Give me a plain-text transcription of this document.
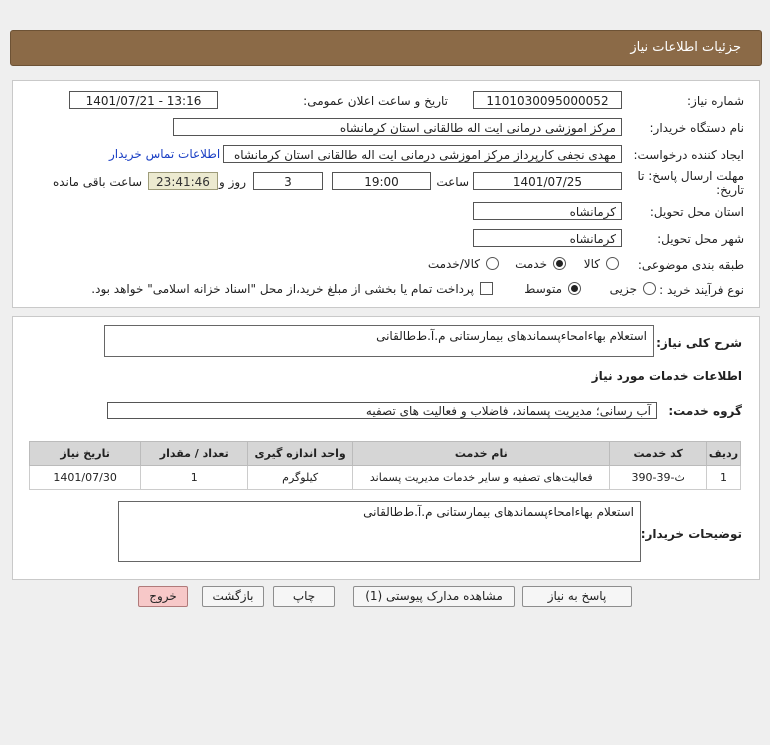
جزئیات اطلاعات نیاز
شماره نیاز:
1101030095000052
تاریخ و ساعت اعلان عمومی:
1401/07/21 - 13:16
نام دستگاه خریدار:
مرکز اموزشی درمانی ایت اله طالقانی استان کرمانشاه
ایجاد کننده درخواست:
مهدی نجفی کارپرداز مرکز اموزشی درمانی ایت اله طالقانی استان کرمانشاه
اطلاعات تماس خریدار
مهلت ارسال پاسخ: تا
تاریخ:
1401/07/25
ساعت
19:00
3
روز و
23:41:46
ساعت باقی مانده
استان محل تحویل:
کرمانشاه
شهر محل تحویل:
کرمانشاه
طبقه بندی موضوعی:
کالا
خدمت
کالا/خدمت
نوع فرآیند خرید :
جزیی
متوسط
پرداخت تمام یا بخشی از مبلغ خرید،از محل "اسناد خزانه اسلامی" خواهد بود.
شرح کلی نیاز:
استعلام بهاءامحاءپسماندهای بیمارستانی م.آ.ط‌طالقانی
اطلاعات خدمات مورد نیاز
گروه خدمت:
آب رسانی؛ مدیریت پسماند، فاضلاب و فعالیت های تصفیه
ردیف	کد خدمت	نام خدمت	واحد اندازه گیری	تعداد / مقدار	تاریخ نیاز
1	ث-39-390	فعالیت‌های تصفیه و سایر خدمات مدیریت پسماند	کیلوگرم	1	1401/07/30
توضیحات خریدار:
استعلام بهاءامحاءپسماندهای بیمارستانی م.آ.ط‌طالقانی
پاسخ به نیاز
مشاهده مدارک پیوستی (1)
چاپ
بازگشت
خروج
